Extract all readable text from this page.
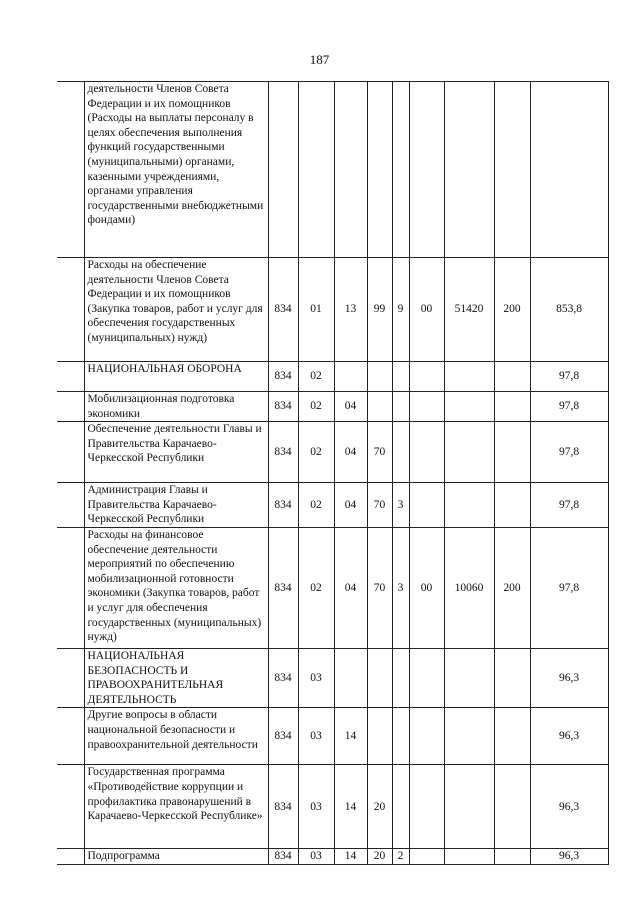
187
	деятельности Членов Совета Федерации и их помощников (Расходы на выплаты персоналу в целях обеспечения выполнения функций государственными (муниципальными) органами, казенными учреждениями, органами управления государственными внебюджетными фондами)									
	Расходы на обеспечение деятельности Членов Совета Федерации и их помощников (Закупка товаров, работ и услуг для обеспечения государственных (муниципальных) нужд)	834	01	13	99	9	00	51420	200	853,8
	НАЦИОНАЛЬНАЯ ОБОРОНА	834	02							97,8
	Мобилизационная подготовка экономики	834	02	04						97,8
	Обеспечение деятельности Главы и Правительства Карачаево-Черкесской Республики	834	02	04	70					97,8
	Администрация Главы и Правительства Карачаево-Черкесской Республики	834	02	04	70	3				97,8
	Расходы на финансовое обеспечение деятельности мероприятий по обеспечению мобилизационной готовности экономики (Закупка товаров, работ и услуг для обеспечения государственных (муниципальных) нужд)	834	02	04	70	3	00	10060	200	97,8
	НАЦИОНАЛЬНАЯ БЕЗОПАСНОСТЬ И ПРАВООХРАНИТЕЛЬНАЯ ДЕЯТЕЛЬНОСТЬ	834	03							96,3
	Другие вопросы в области национальной безопасности и правоохранительной деятельности	834	03	14						96,3
	Государственная программа «Противодействие коррупции и профилактика правонарушений в Карачаево-Черкесской Республике»	834	03	14	20					96,3
	Подпрограмма	834	03	14	20	2				96,3
